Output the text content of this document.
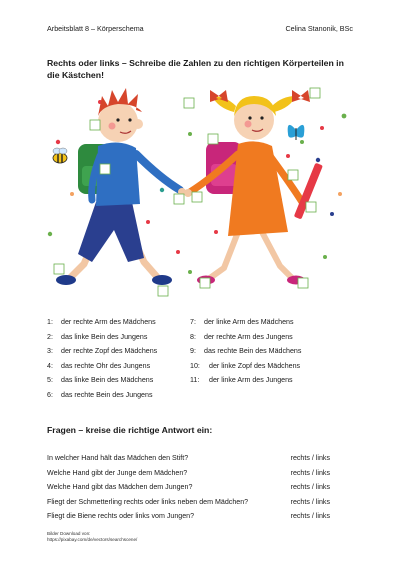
Arbeitsblatt 8 – Körperschema	Celina Stanonik, BSc
Rechts oder links – Schreibe die Zahlen zu den richtigen Körperteilen in die Kästchen!
1: der rechte Arm des Mädchens
2: das linke Bein des Jungens
3: der rechte Zopf des Mädchens
4: das rechte Ohr des Jungens
5: das linke Bein des Mädchens
6: das rechte Bein des Jungens
7: der linke Arm des Mädchens
8: der rechte Arm des Jungens
9: das rechte Bein des Mädchens
10: der linke Zopf des Mädchens
11: der linke Arm des Jungens
Fragen – kreise die richtige Antwort ein:
In welcher Hand hält das Mädchen den Stift?	rechts / links
Welche Hand gibt der Junge dem Mädchen?	rechts / links
Welche Hand gibt das Mädchen dem Jungen?	rechts / links
Fliegt der Schmetterling rechts oder links neben dem Mädchen?	rechts / links
Fliegt die Biene rechts oder links vom Jungen?	rechts / links
Bilder Download von:
https://pixabay.com/de/vectors/searchscene/
